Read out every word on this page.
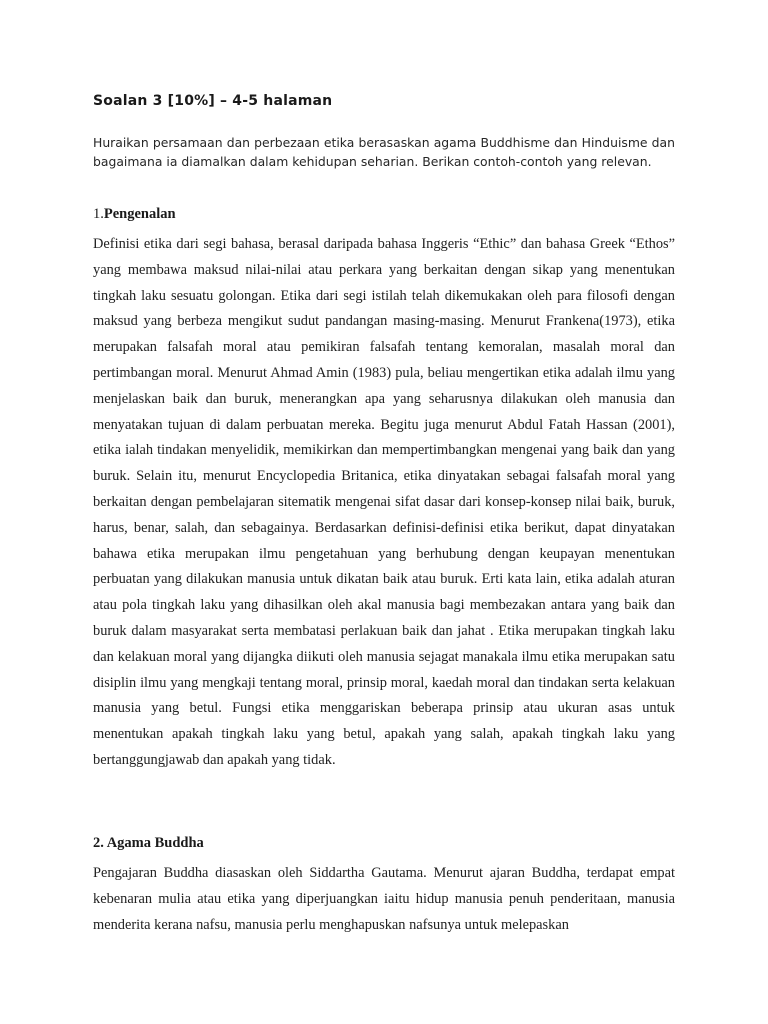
Soalan 3 [10%] – 4-5 halaman

Huraikan persamaan dan perbezaan etika berasaskan agama Buddhisme dan Hinduisme dan bagaimana ia diamalkan dalam kehidupan seharian. Berikan contoh-contoh yang relevan.

1.Pengenalan

Definisi etika dari segi bahasa, berasal daripada bahasa Inggeris “Ethic” dan bahasa Greek “Ethos” yang membawa maksud nilai-nilai atau perkara yang berkaitan dengan sikap yang menentukan tingkah laku sesuatu golongan. Etika dari segi istilah telah dikemukakan oleh para filosofi dengan maksud yang berbeza mengikut sudut pandangan masing-masing. Menurut Frankena(1973), etika merupakan falsafah moral atau pemikiran falsafah tentang kemoralan, masalah moral dan pertimbangan moral. Menurut Ahmad Amin (1983) pula, beliau mengertikan etika adalah ilmu yang menjelaskan baik dan buruk, menerangkan apa yang seharusnya dilakukan oleh manusia dan menyatakan tujuan di dalam perbuatan mereka. Begitu juga menurut Abdul Fatah Hassan (2001), etika ialah tindakan menyelidik, memikirkan dan mempertimbangkan mengenai yang baik dan yang buruk. Selain itu, menurut Encyclopedia Britanica, etika dinyatakan sebagai falsafah moral yang berkaitan dengan pembelajaran sitematik mengenai sifat dasar dari konsep-konsep nilai baik, buruk, harus, benar, salah, dan sebagainya. Berdasarkan definisi-definisi etika berikut, dapat dinyatakan bahawa etika merupakan ilmu pengetahuan yang berhubung dengan keupayan menentukan perbuatan yang dilakukan manusia untuk dikatan baik atau buruk. Erti kata lain, etika adalah aturan atau pola tingkah laku yang dihasilkan oleh akal manusia bagi membezakan antara yang baik dan buruk dalam masyarakat serta membatasi perlakuan baik dan jahat . Etika merupakan tingkah laku dan kelakuan moral yang dijangka diikuti oleh manusia sejagat manakala ilmu etika merupakan satu disiplin ilmu yang mengkaji tentang moral, prinsip moral, kaedah moral dan tindakan serta kelakuan manusia yang betul. Fungsi etika menggariskan beberapa prinsip atau ukuran asas untuk menentukan apakah tingkah laku yang betul, apakah yang salah, apakah tingkah laku yang bertanggungjawab dan apakah yang tidak.

2. Agama Buddha

Pengajaran Buddha diasaskan oleh Siddartha Gautama. Menurut ajaran Buddha, terdapat empat kebenaran mulia atau etika yang diperjuangkan iaitu hidup manusia penuh penderitaan, manusia menderita kerana nafsu, manusia perlu menghapuskan nafsunya untuk melepaskan
